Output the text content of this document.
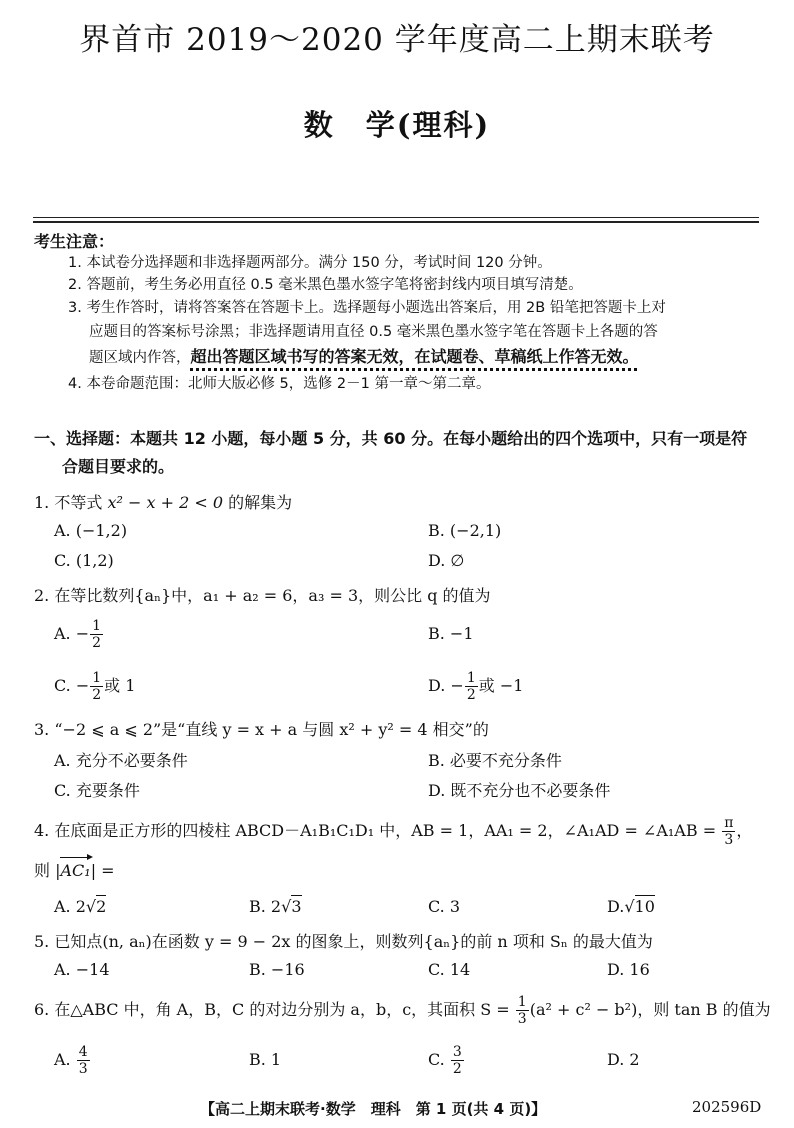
界首市 2019～2020 学年度高二上期末联考
数　学(理科)
考生注意：
1. 本试卷分选择题和非选择题两部分。满分 150 分，考试时间 120 分钟。
2. 答题前，考生务必用直径 0.5 毫米黑色墨水签字笔将密封线内项目填写清楚。
3. 考生作答时，请将答案答在答题卡上。选择题每小题选出答案后，用 2B 铅笔把答题卡上对
应题目的答案标号涂黑；非选择题请用直径 0.5 毫米黑色墨水签字笔在答题卡上各题的答
题区域内作答，超出答题区域书写的答案无效，在试题卷、草稿纸上作答无效。
4. 本卷命题范围：北师大版必修 5，选修 2－1 第一章～第二章。
一、选择题：本题共 12 小题，每小题 5 分，共 60 分。在每小题给出的四个选项中，只有一项是符
合题目要求的。
1. 不等式 x² − x + 2 < 0 的解集为
A. (−1,2)	B. (−2,1)
C. (1,2)	D. ∅
2. 在等比数列{aₙ}中，a₁ + a₂ = 6，a₃ = 3，则公比 q 的值为
A. − $\frac{1}{2}$	B. −1
C. − $\frac{1}{2}$ 或 1	D. − $\frac{1}{2}$ 或 −1
3. “−2 ⩽ a ⩽ 2”是“直线 y = x + a 与圆 x² + y² = 4 相交”的
A. 充分不必要条件	B. 必要不充分条件
C. 充要条件	D. 既不充分也不必要条件
4. 在底面是正方形的四棱柱 ABCD－A₁B₁C₁D₁ 中，AB = 1，AA₁ = 2，∠A₁AD = ∠A₁AB = $\frac{\pi}{3}$ ，
则 |AC₁| =
A. 2√2	B. 2√3	C. 3	D.√10
5. 已知点(n, aₙ)在函数 y = 9 − 2x 的图象上，则数列{aₙ}的前 n 项和 Sₙ 的最大值为
A. −14	B. −16	C. 14	D. 16
6. 在△ABC 中，角 A，B，C 的对边分别为 a，b，c，其面积 $S = \frac{1}{3} (a^2 + c^2 - b^2)$，则 tan B 的值为
A. $\frac{4}{3}$	B. 1	C. $\frac{3}{2}$	D. 2
【高二上期末联考·数学　理科　第 1 页(共 4 页)】	202596D
